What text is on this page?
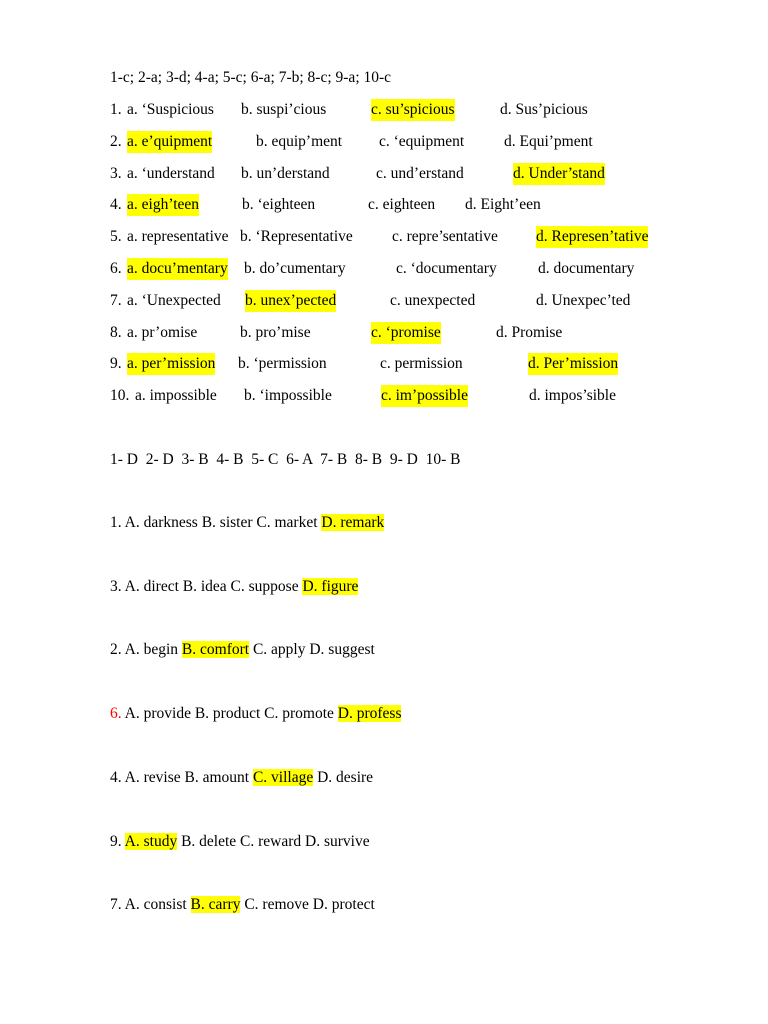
1-c; 2-a; 3-d; 4-a; 5-c; 6-a; 7-b; 8-c; 9-a; 10-c
1. a. ‘Suspicious b. suspi’cious	c. su’spicious	d. Sus’picious
2. a. e’quipment	b. equip’ment c. ‘equipment	d. Equi’pment
3. a. ‘understand b. un’derstand	c. und’erstand	d. Under’stand
4. a. eigh’teen	b. ‘eighteen	c. eighteen d. Eight’een
5. a. representative b. ‘Representative	c. repre’sentative d. Represen’tative
6. a. docu’mentary b. do’cumentary	c. ‘documentary	d. documentary
7. a. ‘Unexpected b. unex’pected	c. unexpected	d. Unexpec’ted
8. a. pr’omise	b. pro’mise	c. ‘promise	d. Promise
9. a. per’mission b. ‘permission	c. permission	d. Per’mission
10. a. impossible b. ‘impossible	c. im’possible	d. impos’sible
1- D  2- D  3- B  4- B  5- C  6- A  7- B  8- B  9- D  10- B
1. A. darkness B. sister C. market D. remark
3. A. direct B. idea C. suppose D. figure
2. A. begin B. comfort C. apply D. suggest
6. A. provide B. product C. promote D. profess
4. A. revise B. amount C. village D. desire
9. A. study B. delete C. reward D. survive
7. A. consist B. carry C. remove D. protect
